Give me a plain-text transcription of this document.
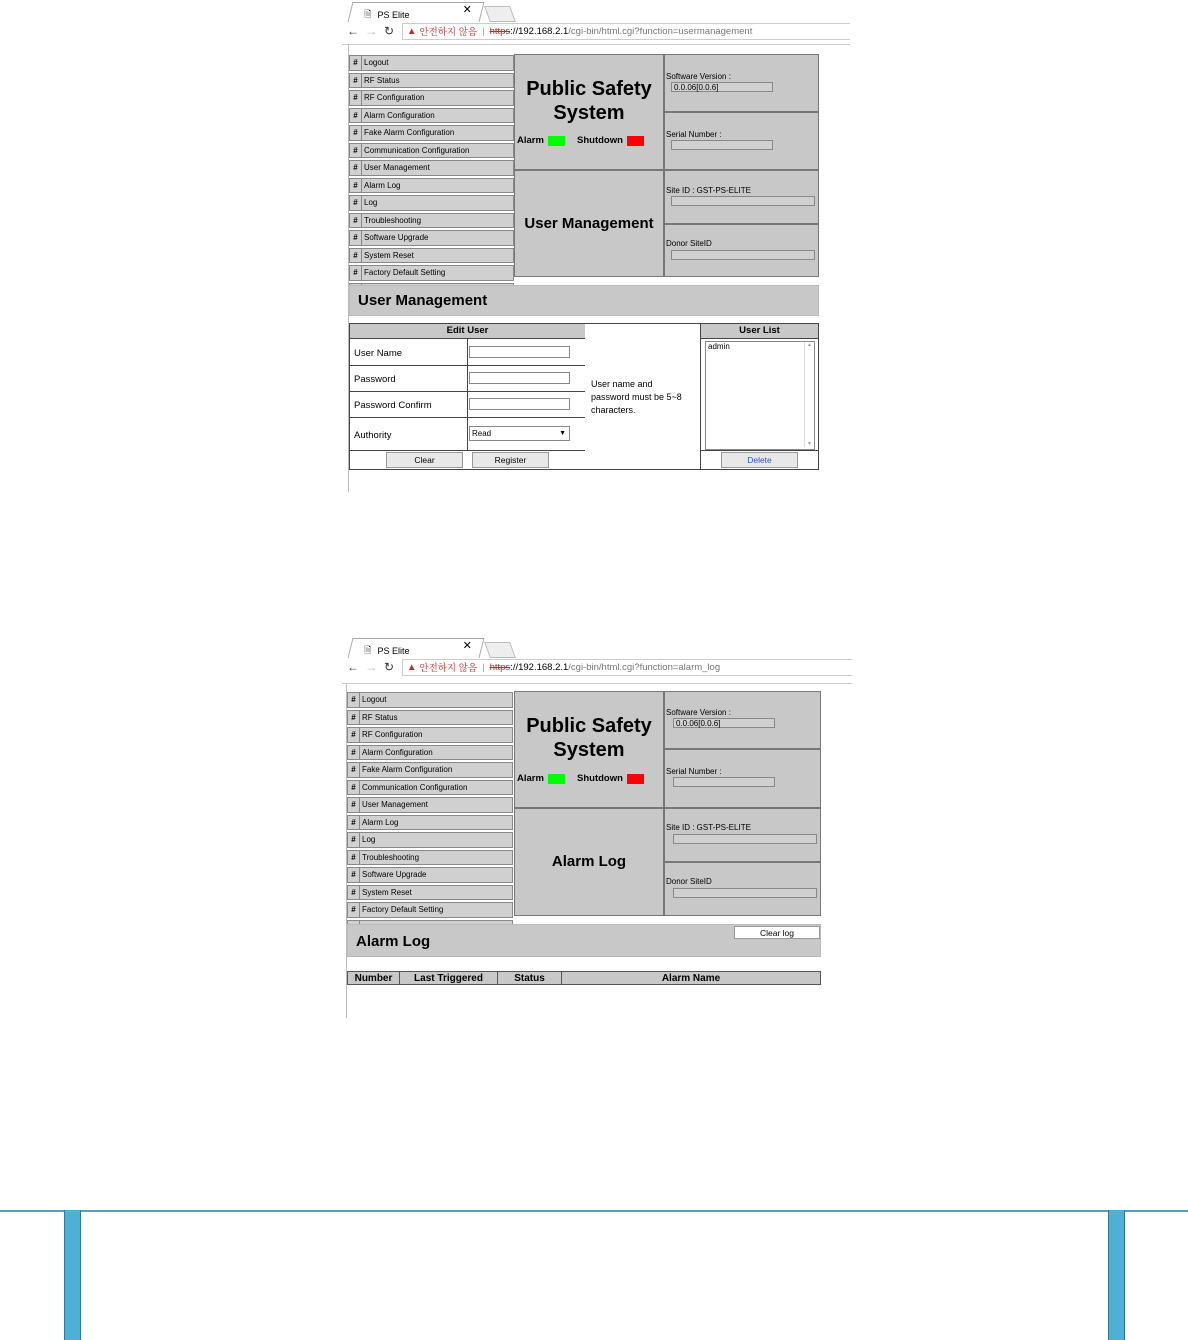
🗎 PS Elite	✕
← → ↻ ▲ 안전하지 않음 | https ://192.168.2.1 /cgi-bin/html.cgi?function=usermanagement
# Logout
# RF Status
# RF Configuration
# Alarm Configuration
# Fake Alarm Configuration
# Communication Configuration
# User Management
# Alarm Log
# Log
# Troubleshooting
# Software Upgrade
# System Reset
# Factory Default Setting
Public Safety System
Alarm	Shutdown
User Management
Software Version :
0.0.06[0.0.6]
Serial Number :
Site ID : GST-PS-ELITE
Donor SiteID
User Management
Edit User
User Name
Password
Password Confirm
Authority	Read	▼
Clear	Register
User name and password must be 5~8 characters.
User List
admin	▲
▼
Delete
🗎 PS Elite	✕
← → ↻ ▲ 안전하지 않음 | https ://192.168.2.1 /cgi-bin/html.cgi?function=alarm_log
# Logout
# RF Status
# RF Configuration
# Alarm Configuration
# Fake Alarm Configuration
# Communication Configuration
# User Management
# Alarm Log
# Log
# Troubleshooting
# Software Upgrade
# System Reset
# Factory Default Setting
Public Safety System
Alarm	Shutdown
Alarm Log
Software Version :
0.0.06[0.0.6]
Serial Number :
Site ID : GST-PS-ELITE
Donor SiteID
Alarm Log	Clear log
Number	Last Triggered	Status	Alarm Name
